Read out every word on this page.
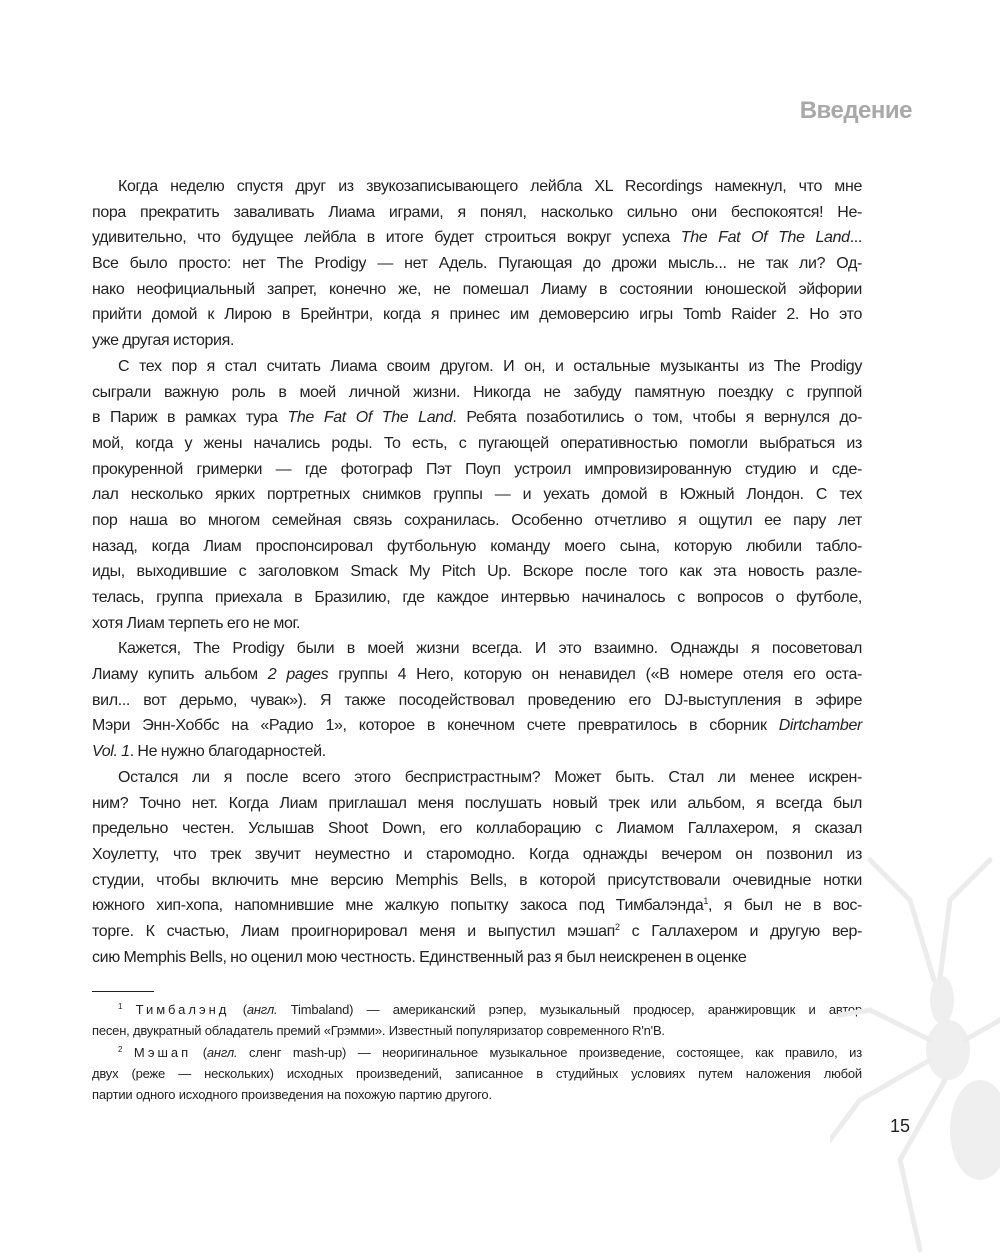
Введение
Когда неделю спустя друг из звукозаписывающего лейбла XL Recordings намекнул, что мне
пора прекратить заваливать Лиама играми, я понял, насколько сильно они беспокоятся! Не-
удивительно, что будущее лейбла в итоге будет строиться вокруг успеха The Fat Of The Land...
Все было просто: нет The Prodigy — нет Адель. Пугающая до дрожи мысль... не так ли? Од-
нако неофициальный запрет, конечно же, не помешал Лиаму в состоянии юношеской эйфории
прийти домой к Лирою в Брейнтри, когда я принес им демоверсию игры Tomb Raider 2. Но это
уже другая история.
С тех пор я стал считать Лиама своим другом. И он, и остальные музыканты из The Prodigy
сыграли важную роль в моей личной жизни. Никогда не забуду памятную поездку с группой
в Париж в рамках тура The Fat Of The Land. Ребята позаботились о том, чтобы я вернулся до-
мой, когда у жены начались роды. То есть, с пугающей оперативностью помогли выбраться из
прокуренной гримерки — где фотограф Пэт Поуп устроил импровизированную студию и сде-
лал несколько ярких портретных снимков группы — и уехать домой в Южный Лондон. С тех
пор наша во многом семейная связь сохранилась. Особенно отчетливо я ощутил ее пару лет
назад, когда Лиам проспонсировал футбольную команду моего сына, которую любили табло-
иды, выходившие с заголовком Smack My Pitch Up. Вскоре после того как эта новость разле-
телась, группа приехала в Бразилию, где каждое интервью начиналось с вопросов о футболе,
хотя Лиам терпеть его не мог.
Кажется, The Prodigy были в моей жизни всегда. И это взаимно. Однажды я посоветовал
Лиаму купить альбом 2 pages группы 4 Hero, которую он ненавидел («В номере отеля его оста-
вил... вот дерьмо, чувак»). Я также посодействовал проведению его DJ-выступления в эфире
Мэри Энн-Хоббс на «Радио 1», которое в конечном счете превратилось в сборник Dirtchamber
Vol. 1. Не нужно благодарностей.
Остался ли я после всего этого беспристрастным? Может быть. Стал ли менее искрен-
ним? Точно нет. Когда Лиам приглашал меня послушать новый трек или альбом, я всегда был
предельно честен. Услышав Shoot Down, его коллаборацию с Лиамом Галлахером, я сказал
Хоулетту, что трек звучит неуместно и старомодно. Когда однажды вечером он позвонил из
студии, чтобы включить мне версию Memphis Bells, в которой присутствовали очевидные нотки
южного хип-хопа, напомнившие мне жалкую попытку закоса под Тимбалэнда$^1$, я был не в вос-
торге. К счастью, Лиам проигнорировал меня и выпустил мэшап$^2$ с Галлахером и другую вер-
сию Memphis Bells, но оценил мою честность. Единственный раз я был неискренен в оценке
$^1$ Тимбалэнд (англ. Timbaland) — американский рэпер, музыкальный продюсер, аранжировщик и автор
песен, двукратный обладатель премий «Грэмми». Известный популяризатор современного R'n'B.
$^2$ Мэшап (англ. сленг mash-up) — неоригинальное музыкальное произведение, состоящее, как правило, из
двух (реже — нескольких) исходных произведений, записанное в студийных условиях путем наложения любой
партии одного исходного произведения на похожую партию другого.
15
